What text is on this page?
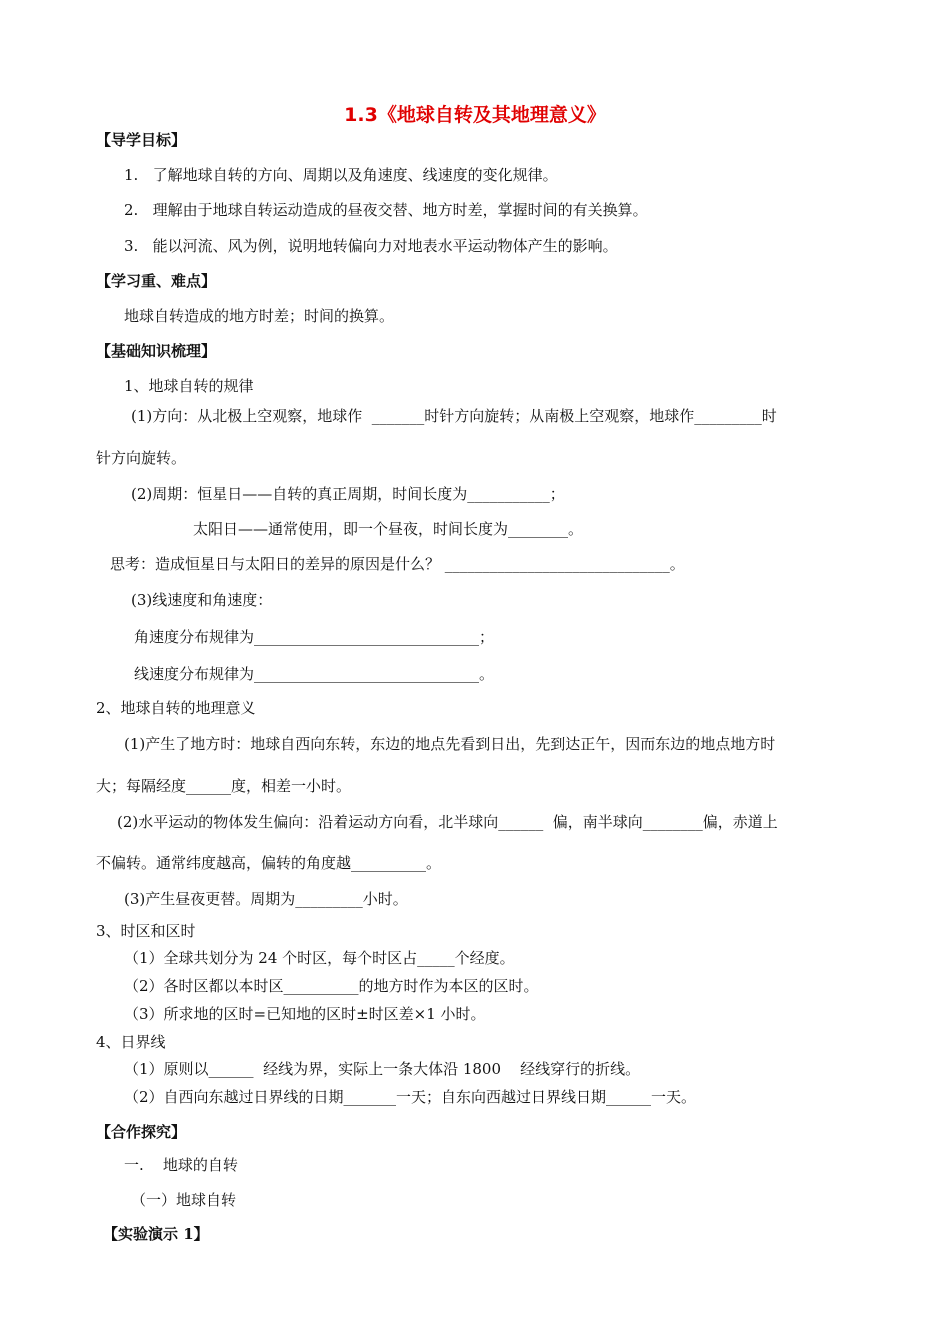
1.3《地球自转及其地理意义》
【导学目标】
1.   了解地球自转的方向、周期以及角速度、线速度的变化规律。
2.   理解由于地球自转运动造成的昼夜交替、地方时差，掌握时间的有关换算。
3.   能以河流、风为例，说明地转偏向力对地表水平运动物体产生的影响。
【学习重、难点】
地球自转造成的地方时差；时间的换算。
【基础知识梳理】
1、地球自转的规律
(1)方向：从北极上空观察，地球作  _______时针方向旋转；从南极上空观察，地球作_________时
针方向旋转。
(2)周期：恒星日——自转的真正周期，时间长度为___________；
太阳日——通常使用，即一个昼夜，时间长度为________。
思考：造成恒星日与太阳日的差异的原因是什么？ ______________________________。
(3)线速度和角速度：
角速度分布规律为______________________________；
线速度分布规律为______________________________。
2、地球自转的地理意义
(1)产生了地方时：地球自西向东转，东边的地点先看到日出，先到达正午，因而东边的地点地方时
大；每隔经度______度，相差一小时。
(2)水平运动的物体发生偏向：沿着运动方向看，北半球向______  偏，南半球向________偏，赤道上
不偏转。通常纬度越高，偏转的角度越__________。
(3)产生昼夜更替。周期为_________小时。
3、时区和区时
（1）全球共划分为 24 个时区，每个时区占_____个经度。
（2）各时区都以本时区__________的地方时作为本区的区时。
（3）所求地的区时=已知地的区时±时区差×1 小时。
4、日界线
（1）原则以______  经线为界，实际上一条大体沿 1800    经线穿行的折线。
（2）自西向东越过日界线的日期_______一天；自东向西越过日界线日期______一天。
【合作探究】
一.    地球的自转
（一）地球自转
【实验演示 1】
